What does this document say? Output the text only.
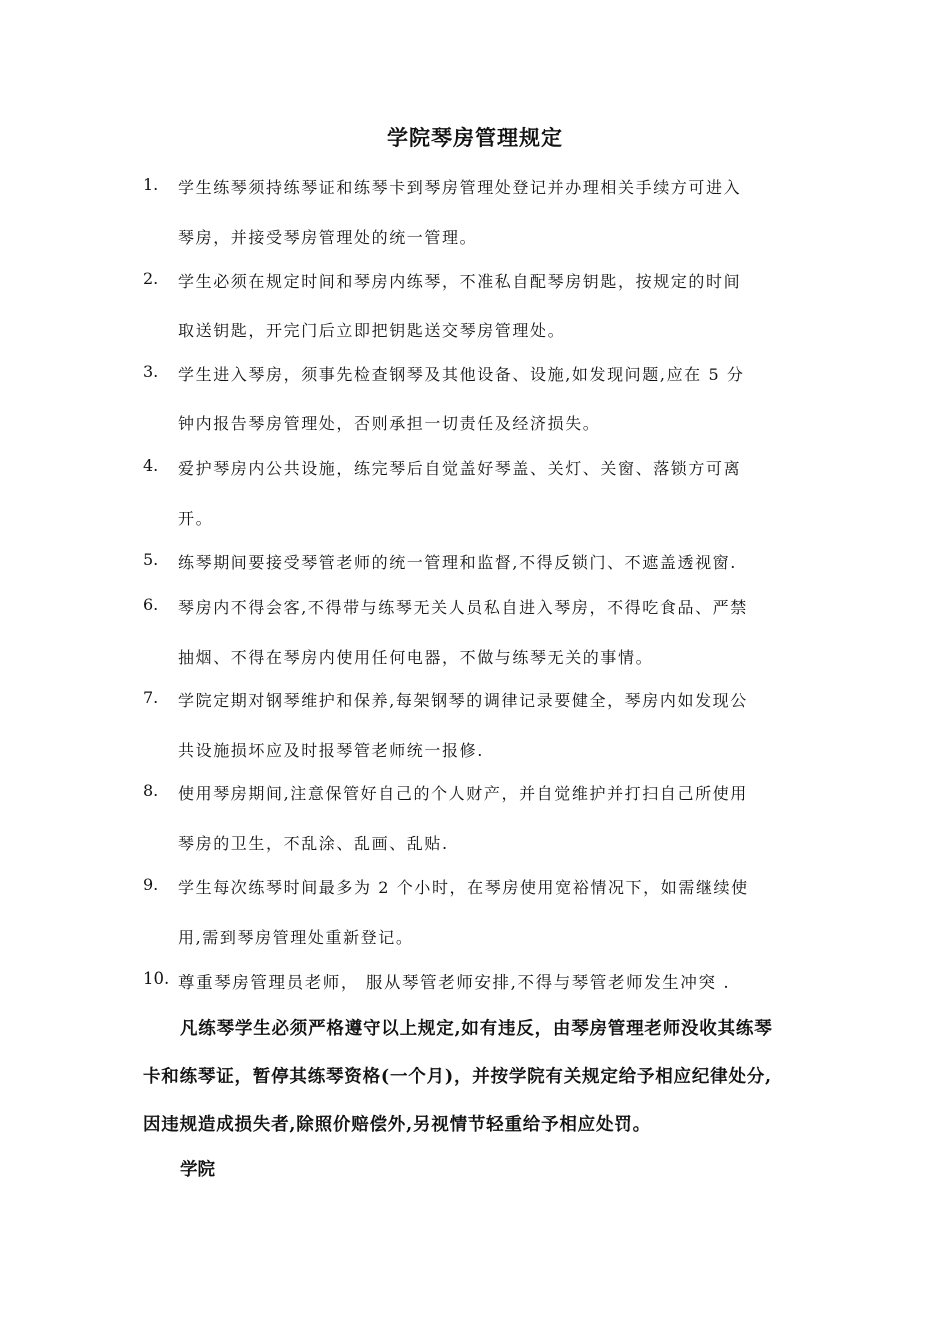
学院琴房管理规定
1. 学生练琴须持练琴证和练琴卡到琴房管理处登记并办理相关手续方可进入
琴房，并接受琴房管理处的统一管理。
2. 学生必须在规定时间和琴房内练琴，不准私自配琴房钥匙，按规定的时间
取送钥匙，开完门后立即把钥匙送交琴房管理处。
3. 学生进入琴房，须事先检查钢琴及其他设备、设施,如发现问题,应在 5 分
钟内报告琴房管理处，否则承担一切责任及经济损失。
4. 爱护琴房内公共设施，练完琴后自觉盖好琴盖、关灯、关窗、落锁方可离
开。
5. 练琴期间要接受琴管老师的统一管理和监督,不得反锁门、不遮盖透视窗.
6. 琴房内不得会客,不得带与练琴无关人员私自进入琴房，不得吃食品、严禁
抽烟、不得在琴房内使用任何电器，不做与练琴无关的事情。
7. 学院定期对钢琴维护和保养,每架钢琴的调律记录要健全，琴房内如发现公
共设施损坏应及时报琴管老师统一报修.
8. 使用琴房期间,注意保管好自己的个人财产，并自觉维护并打扫自己所使用
琴房的卫生，不乱涂、乱画、乱贴.
9. 学生每次练琴时间最多为 2 个小时，在琴房使用宽裕情况下，如需继续使
用,需到琴房管理处重新登记。
10. 尊重琴房管理员老师， 服从琴管老师安排,不得与琴管老师发生冲突 .
凡练琴学生必须严格遵守以上规定,如有违反，由琴房管理老师没收其练琴
卡和练琴证，暂停其练琴资格(一个月)，并按学院有关规定给予相应纪律处分,
因违规造成损失者,除照价赔偿外,另视情节轻重给予相应处罚。
学院
